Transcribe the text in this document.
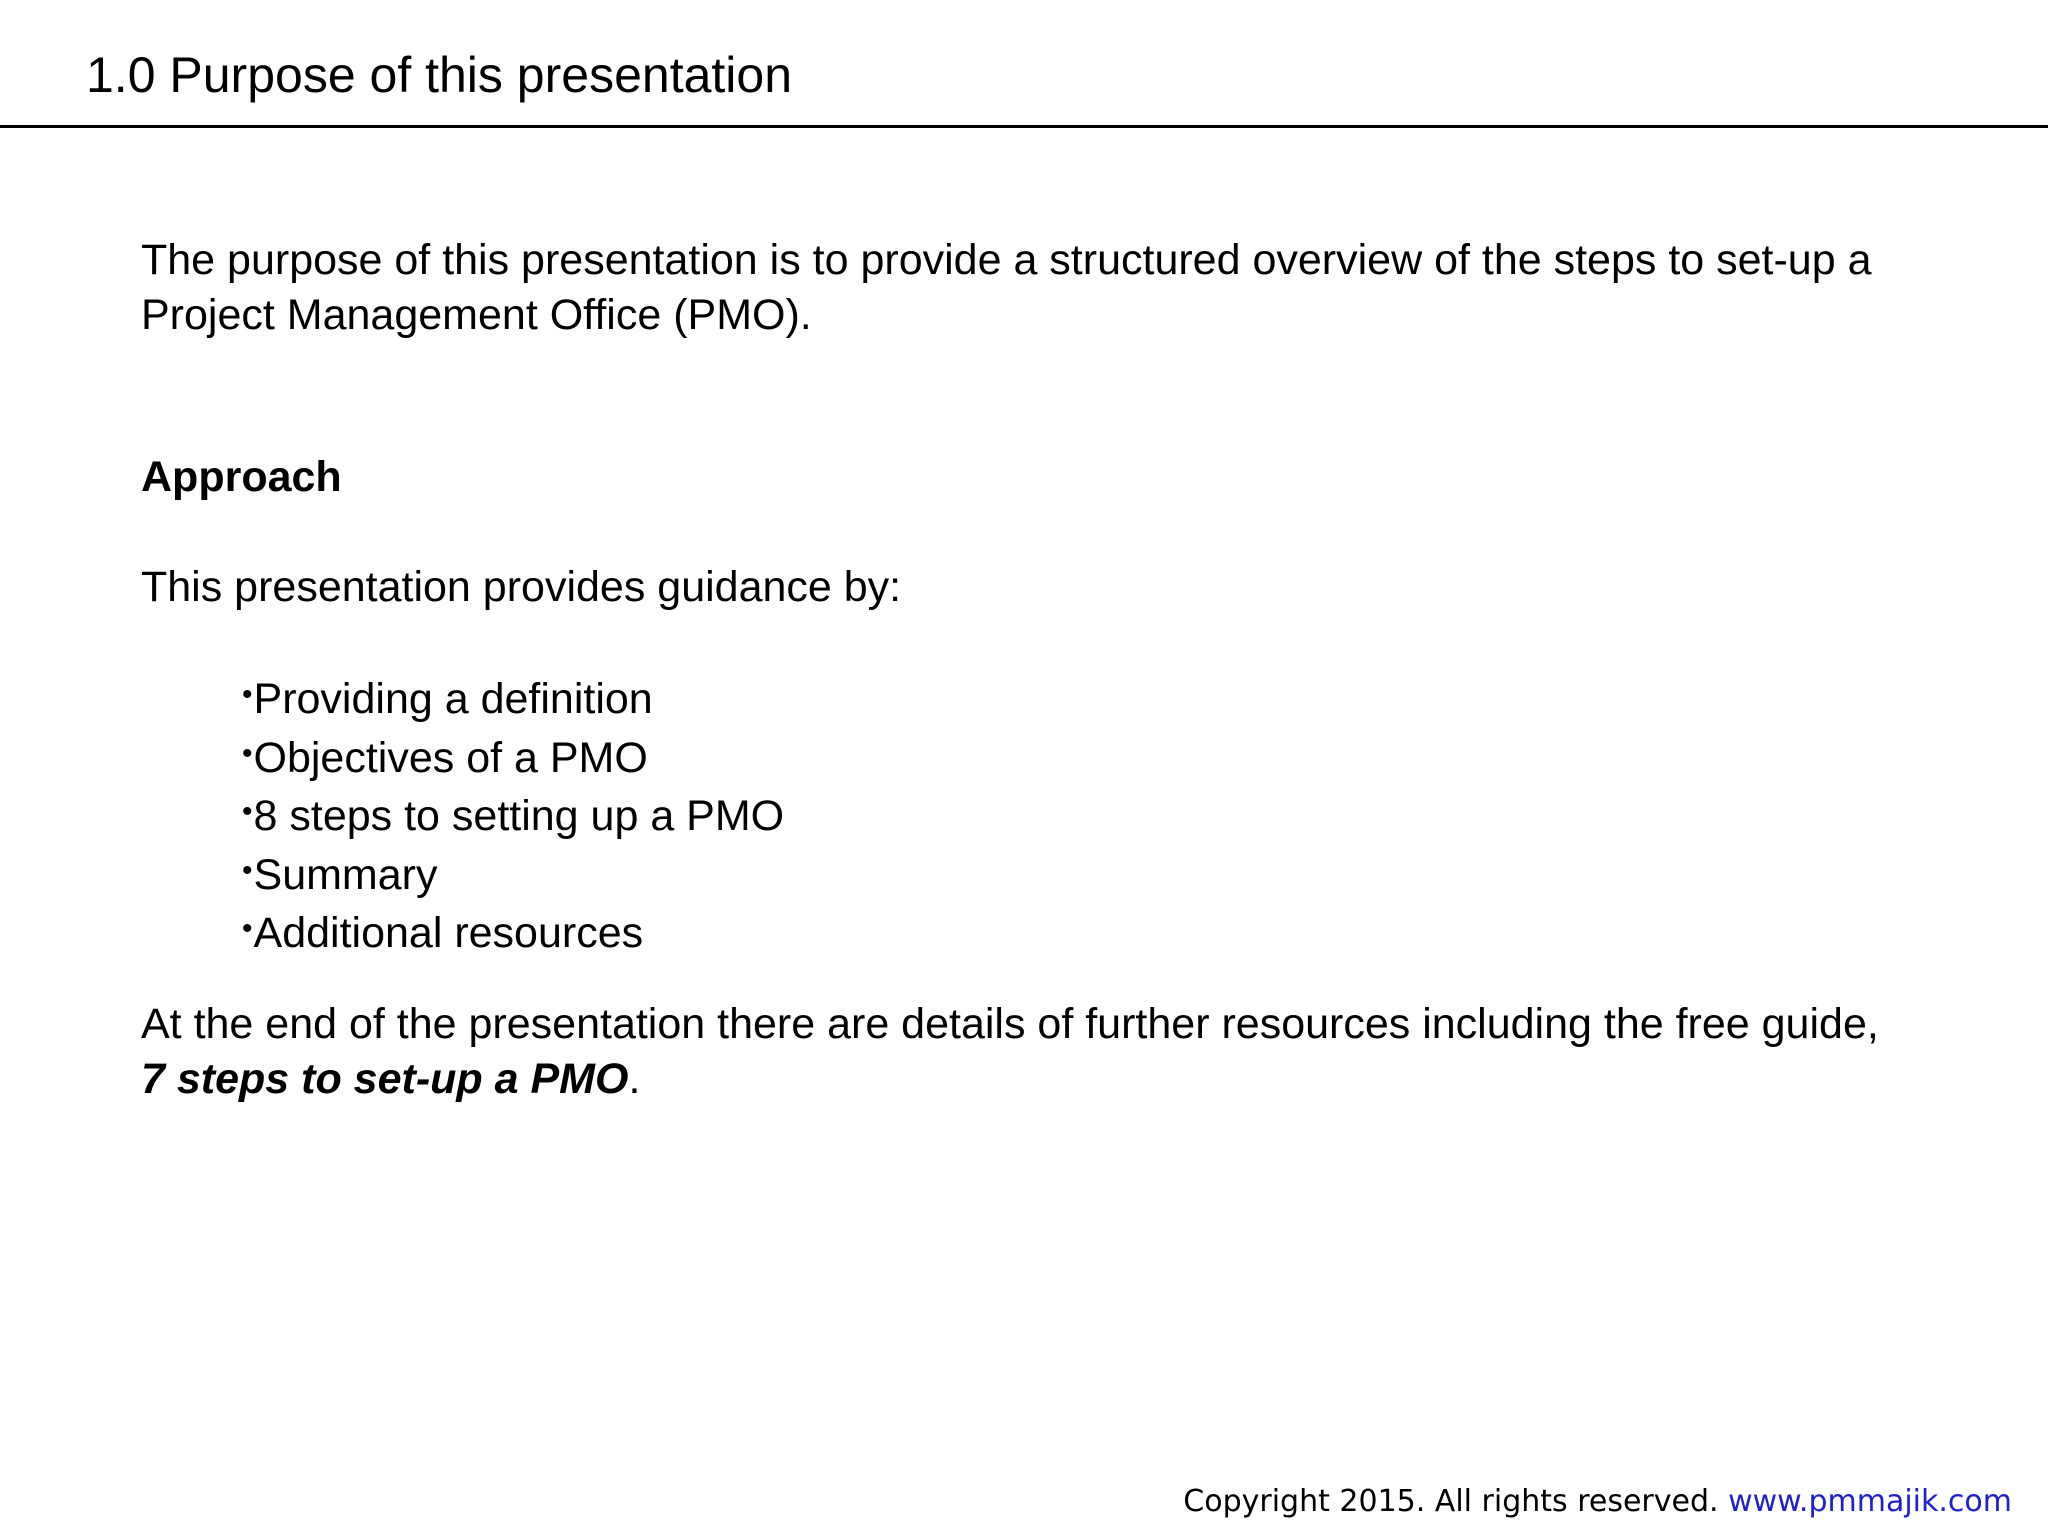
1.0 Purpose of this presentation
The purpose of this presentation is to provide a structured overview of the steps to set-up a Project Management Office (PMO).
Approach
This presentation provides guidance by:
•Providing a definition
•Objectives of a PMO
•8 steps to setting up a PMO
•Summary
•Additional resources
At the end of the presentation there are details of further resources including the free guide, 7 steps to set-up a PMO.
Copyright 2015. All rights reserved. www.pmmajik.com
